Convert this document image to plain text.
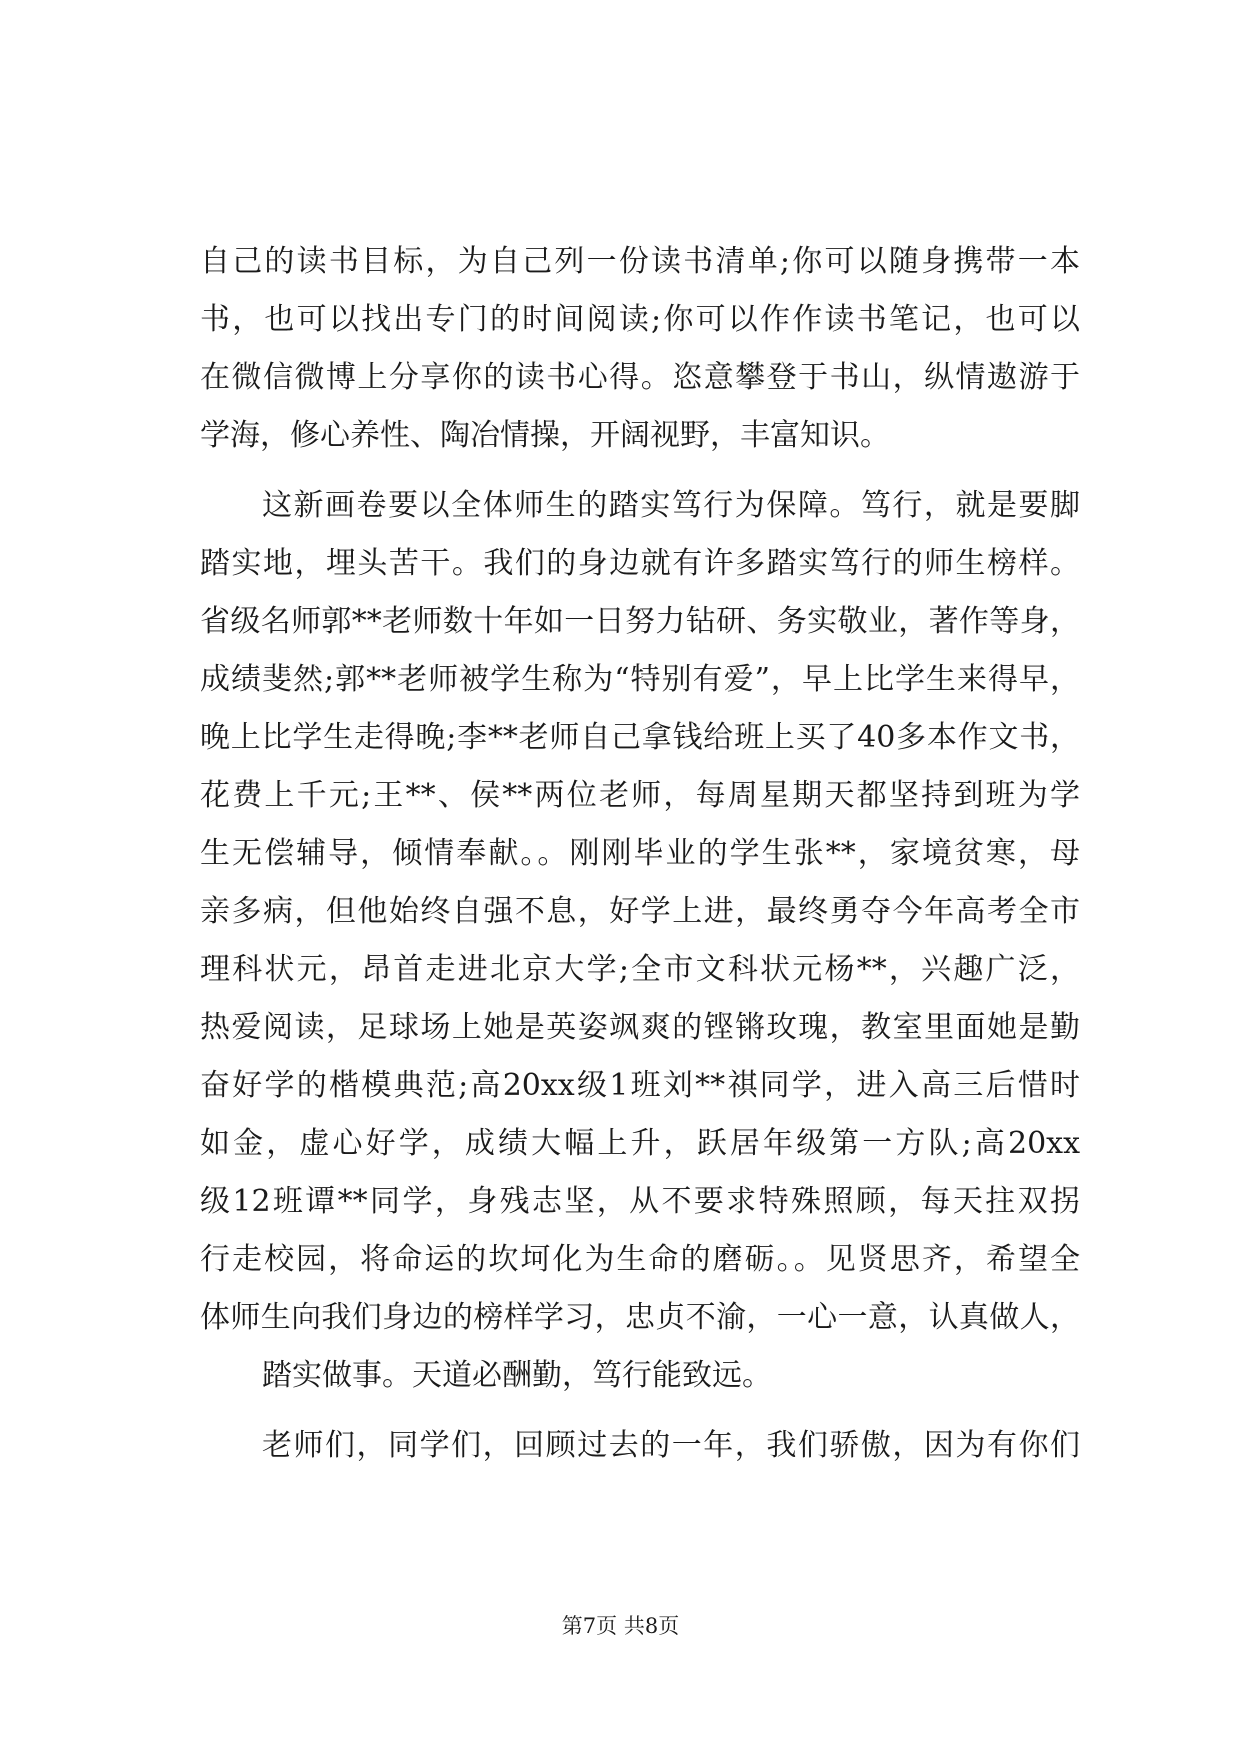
自己的读书目标，为自己列一份读书清单;你可以随身携带一本
书，也可以找出专门的时间阅读;你可以作作读书笔记，也可以
在微信微博上分享你的读书心得。恣意攀登于书山，纵情遨游于
学海，修心养性、陶冶情操，开阔视野，丰富知识。
这新画卷要以全体师生的踏实笃行为保障。笃行，就是要脚
踏实地，埋头苦干。我们的身边就有许多踏实笃行的师生榜样。
省级名师郭**老师数十年如一日努力钻研、务实敬业，著作等身，
成绩斐然;郭**老师被学生称为“特别有爱”，早上比学生来得早，
晚上比学生走得晚;李**老师自己拿钱给班上买了40多本作文书，
花费上千元;王**、侯**两位老师，每周星期天都坚持到班为学
生无偿辅导，倾情奉献。。刚刚毕业的学生张**，家境贫寒，母
亲多病，但他始终自强不息，好学上进，最终勇夺今年高考全市
理科状元，昂首走进北京大学;全市文科状元杨**，兴趣广泛，
热爱阅读，足球场上她是英姿飒爽的铿锵玫瑰，教室里面她是勤
奋好学的楷模典范;高20xx级1班刘**祺同学，进入高三后惜时
如金，虚心好学，成绩大幅上升，跃居年级第一方队;高20xx
级12班谭**同学，身残志坚，从不要求特殊照顾，每天拄双拐
行走校园，将命运的坎坷化为生命的磨砺。。见贤思齐，希望全
体师生向我们身边的榜样学习，忠贞不渝，一心一意，认真做人，
踏实做事。天道必酬勤，笃行能致远。
老师们，同学们，回顾过去的一年，我们骄傲，因为有你们
第7页 共8页
